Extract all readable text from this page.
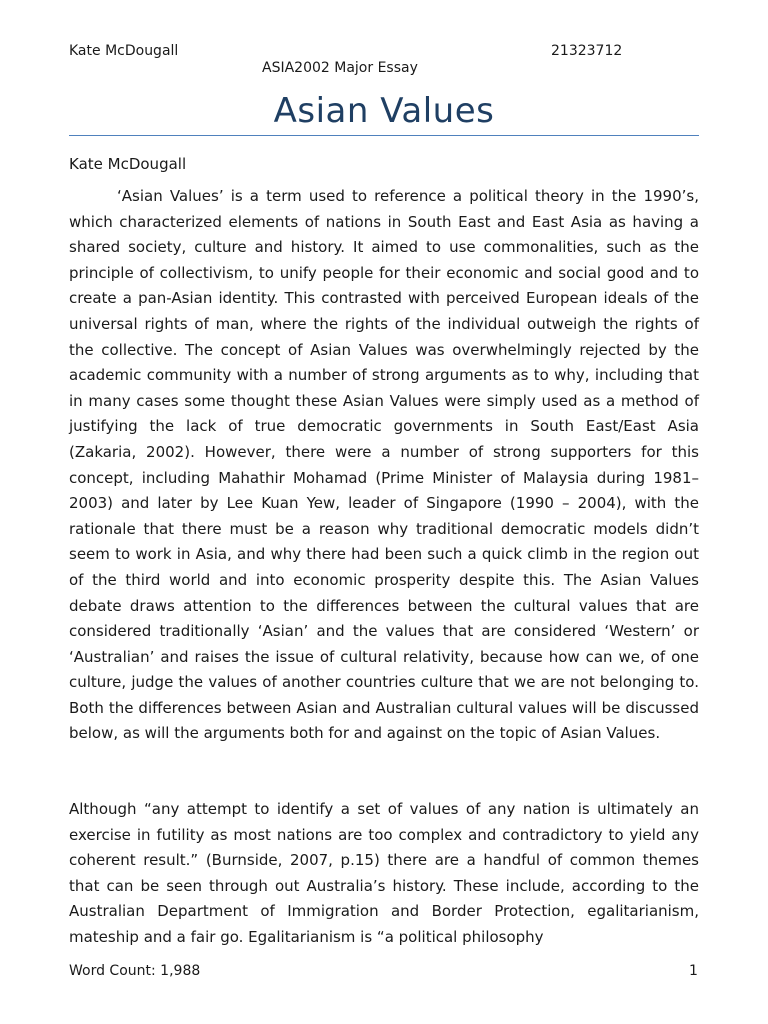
Kate McDougall	21323712
ASIA2002 Major Essay
Asian Values
Kate McDougall

‘Asian Values’ is a term used to reference a political theory in the 1990’s, which characterized elements of nations in South East and East Asia as having a shared society, culture and history. It aimed to use commonalities, such as the principle of collectivism, to unify people for their economic and social good and to create a pan-Asian identity. This contrasted with perceived European ideals of the universal rights of man, where the rights of the individual outweigh the rights of the collective. The concept of Asian Values was overwhelmingly rejected by the academic community with a number of strong arguments as to why, including that in many cases some thought these Asian Values were simply used as a method of justifying the lack of true democratic governments in South East/East Asia (Zakaria, 2002). However, there were a number of strong supporters for this concept, including Mahathir Mohamad (Prime Minister of Malaysia during 1981–2003) and later by Lee Kuan Yew, leader of Singapore (1990 – 2004), with the rationale that there must be a reason why traditional democratic models didn’t seem to work in Asia, and why there had been such a quick climb in the region out of the third world and into economic prosperity despite this. The Asian Values debate draws attention to the differences between the cultural values that are considered traditionally ‘Asian’ and the values that are considered ‘Western’ or ‘Australian’ and raises the issue of cultural relativity, because how can we, of one culture, judge the values of another countries culture that we are not belonging to. Both the differences between Asian and Australian cultural values will be discussed below, as will the arguments both for and against on the topic of Asian Values.

Although “any attempt to identify a set of values of any nation is ultimately an exercise in futility as most nations are too complex and contradictory to yield any coherent result.” (Burnside, 2007, p.15) there are a handful of common themes that can be seen through out Australia’s history. These include, according to the Australian Department of Immigration and Border Protection, egalitarianism, mateship and a fair go. Egalitarianism is “a political philosophy

Word Count: 1,988	1
